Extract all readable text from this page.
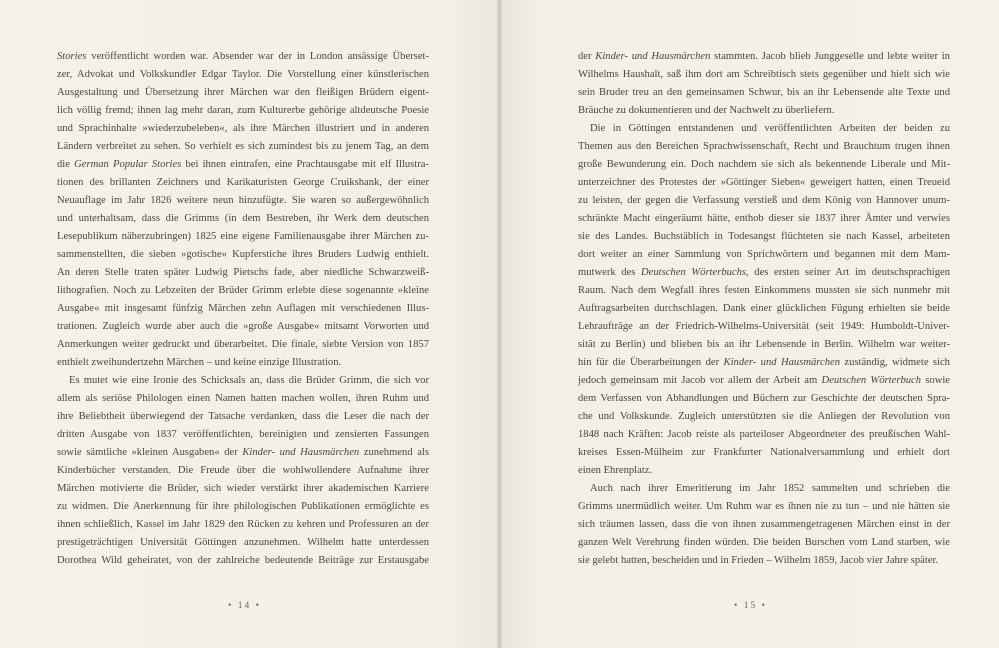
Stories veröffentlicht worden war. Absender war der in London ansässige Überset-
zer, Advokat und Volkskundler Edgar Taylor. Die Vorstellung einer künstlerischen
Ausgestaltung und Übersetzung ihrer Märchen war den fleißigen Brüdern eigent-
lich völlig fremd; ihnen lag mehr daran, zum Kulturerbe gehörige altdeutsche Poesie
und Sprachinhalte »wiederzubeleben«, als ihre Märchen illustriert und in anderen
Ländern verbreitet zu sehen. So verhielt es sich zumindest bis zu jenem Tag, an dem
die German Popular Stories bei ihnen eintrafen, eine Prachtausgabe mit elf Illustra-
tionen des brillanten Zeichners und Karikaturisten George Cruikshank, der einer
Neuauflage im Jahr 1826 weitere neun hinzufügte. Sie waren so außergewöhnlich
und unterhaltsam, dass die Grimms (in dem Bestreben, ihr Werk dem deutschen
Lesepublikum näherzubringen) 1825 eine eigene Familienausgabe ihrer Märchen zu-
sammenstellten, die sieben »gotische« Kupferstiche ihres Bruders Ludwig enthielt.
An deren Stelle traten später Ludwig Pietschs fade, aber niedliche Schwarzweiß-
lithografien. Noch zu Lebzeiten der Brüder Grimm erlebte diese sogenannte »kleine
Ausgabe« mit insgesamt fünfzig Märchen zehn Auflagen mit verschiedenen Illus-
trationen. Zugleich wurde aber auch die »große Ausgabe« mitsamt Vorworten und
Anmerkungen weiter gedruckt und überarbeitet. Die finale, siebte Version von 1857
enthielt zweihundertzehn Märchen – und keine einzige Illustration.
Es mutet wie eine Ironie des Schicksals an, dass die Brüder Grimm, die sich vor
allem als seriöse Philologen einen Namen hatten machen wollen, ihren Ruhm und
ihre Beliebtheit überwiegend der Tatsache verdanken, dass die Leser die nach der
dritten Ausgabe von 1837 veröffentlichten, bereinigten und zensierten Fassungen
sowie sämtliche »kleinen Ausgaben« der Kinder- und Hausmärchen zunehmend als
Kinderbücher verstanden. Die Freude über die wohlwollendere Aufnahme ihrer
Märchen motivierte die Brüder, sich wieder verstärkt ihrer akademischen Karriere
zu widmen. Die Anerkennung für ihre philologischen Publikationen ermöglichte es
ihnen schließlich, Kassel im Jahr 1829 den Rücken zu kehren und Professuren an der
prestigeträchtigen Universität Göttingen anzunehmen. Wilhelm hatte unterdessen
Dorothea Wild geheiratet, von der zahlreiche bedeutende Beiträge zur Erstausgabe
• 14 •
der Kinder- und Hausmärchen stammten. Jacob blieb Junggeselle und lebte weiter in
Wilhelms Haushalt, saß ihm dort am Schreibtisch stets gegenüber und hielt sich wie
sein Bruder treu an den gemeinsamen Schwur, bis an ihr Lebensende alte Texte und
Bräuche zu dokumentieren und der Nachwelt zu überliefern.
Die in Göttingen entstandenen und veröffentlichten Arbeiten der beiden zu
Themen aus den Bereichen Sprachwissenschaft, Recht und Brauchtum trugen ihnen
große Bewunderung ein. Doch nachdem sie sich als bekennende Liberale und Mit-
unterzeichner des Protestes der »Göttinger Sieben« geweigert hatten, einen Treueid
zu leisten, der gegen die Verfassung verstieß und dem König von Hannover unum-
schränkte Macht eingeräumt hätte, enthob dieser sie 1837 ihrer Ämter und verwies
sie des Landes. Buchstäblich in Todesangst flüchteten sie nach Kassel, arbeiteten
dort weiter an einer Sammlung von Sprichwörtern und begannen mit dem Mam-
mutwerk des Deutschen Wörterbuchs, des ersten seiner Art im deutschsprachigen
Raum. Nach dem Wegfall ihres festen Einkommens mussten sie sich nunmehr mit
Auftragsarbeiten durchschlagen. Dank einer glücklichen Fügung erhielten sie beide
Lehraufträge an der Friedrich-Wilhelms-Universität (seit 1949: Humboldt-Univer-
sität zu Berlin) und blieben bis an ihr Lebensende in Berlin. Wilhelm war weiter-
hin für die Überarbeitungen der Kinder- und Hausmärchen zuständig, widmete sich
jedoch gemeinsam mit Jacob vor allem der Arbeit am Deutschen Wörterbuch sowie
dem Verfassen von Abhandlungen und Büchern zur Geschichte der deutschen Spra-
che und Volkskunde. Zugleich unterstützten sie die Anliegen der Revolution von
1848 nach Kräften: Jacob reiste als parteiloser Abgeordneter des preußischen Wahl-
kreises Essen-Mülheim zur Frankfurter Nationalversammlung und erhielt dort
einen Ehrenplatz.
Auch nach ihrer Emeritierung im Jahr 1852 sammelten und schrieben die
Grimms unermüdlich weiter. Um Ruhm war es ihnen nie zu tun – und nie hätten sie
sich träumen lassen, dass die von ihnen zusammengetragenen Märchen einst in der
ganzen Welt Verehrung finden würden. Die beiden Burschen vom Land starben, wie
sie gelebt hatten, bescheiden und in Frieden – Wilhelm 1859, Jacob vier Jahre später.
• 15 •
